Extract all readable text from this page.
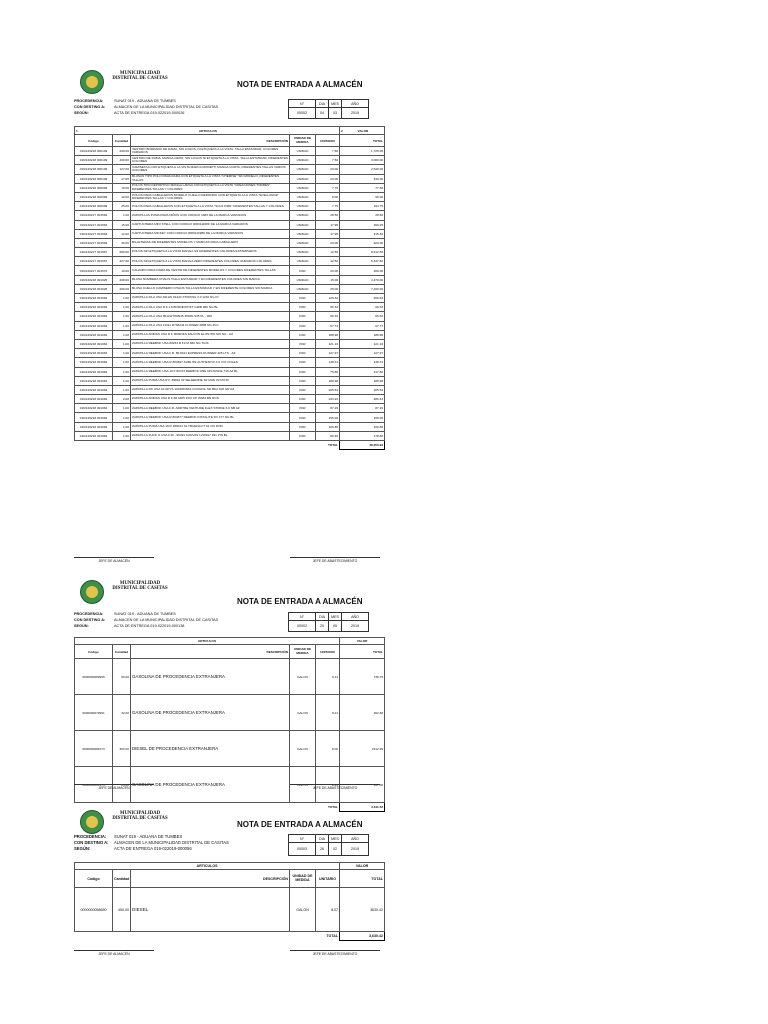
MUNICIPALIDAD DISTRITAL DE CASITAS
NOTA DE ENTRADA A ALMACÉN
PROCEDENCIA:	SUNAT 019 - ADUANA DE TUMBES
CON DESTINO A: ALMACEN DE LA MUNICIPALIDAD DISTRITAL DE CASITAS
SEGÚN:	ACTA DE ENTREGA 019-022019-000026
N°	DIA	MES	AÑO
00002	04	03	2019
1 ARTICULOS					2 VALOR
Código	Cantidad	DESCRIPCIÓN	UNIDAD DE MEDIDA	UNITARIO	TOTAL
019/120218 000109	290.00	VESTIDO BORDADO DE DAMA, SIN LOGOS, NI ETIQUETA A LA VISTA, TALLA ESTANDAR, COLORES VARIADOS	UNIDAD	7.50	1,725.00
019/120218 000109	400.00	VESTIDO DE DAMA, MANGA CERO, SIN LOGOS NI ETIQUETA A LA VISTA, TALLA ESTANDAR, DIFERENTES COLORES	UNIDAD	7.50	3,000.00
019/120218 000109	127.00	CAMISETAS CON ETIQUETA A LA VISTA MARCA MORETTI MANGA CORTA, DIFERENTES TALLAS VARIOS COLORES	UNIDAD	20.00	2,540.00
019/120218 000109	17.00	BLUSAS TIPO POLO PARA DAMA CON ETIQUETA A LA VISTA "CHEMISE" SIN MODELO, DIFERENTES TALLAS	UNIDAD	20.00	340.00
019/120218 000099	10.00	POLOS TIPO DEPORTIVO MANGA LARGA CON ETIQUETA A LA VISTA "CREACIONES TORRES" DIFERENTES TALLAS Y COLORES	UNIDAD	7.75	77.50
019/120218 000099	12.00	POLOS PARA CABALLEROS MODELO CUELLO REDONDO CON ETIQUETA A LA VISTA "SCELLANCE" DIFERENTES TALLAS Y COLORES	UNIDAD	8.00	96.00
019/120218 000099	25.00	POLOS PARA CABALLEROS CON ETIQUETA A LA VISTA "SOUL FIRE" DIFERENTES TALLAS Y COLORES	UNIDAD	7.79	194.75
019/120217 001564	1.00	ZAPATILLAS PUMA PARA NIÑOS CON CODIGO 1665 DE LA MARCA VARIADOS	UNIDAD	28.50	28.50
019/120217 001564	15.00	CARTUCHERA MINI STELL CON CODIGO 000011168F DE LA MARCA VARIADOS	UNIDAD	17.95	269.25
019/120217 001564	12.00	CARTUCHERA MICKEY CON CODIGO 00001119B0 DE LA MARCA VARIADOS	UNIDAD	17.95	215.40
019/120217 001564	46.00	BILLETERAS DE DIFERENTES MODELOS Y MARCAS PARA CABALLERO	UNIDAD	20.00	920.00
019/120217 001567	689.00	POLOS SIN ETIQUETA A LA VISTA MANGA 3/4 DIFERENTES COLORES ESTAMPADOS	UNIDAD	12.50	8,612.50
019/120217 001567	427.00	POLOS SIN ETIQUETA A LA VISTA MANGA ZERO DIFERENTES COLORES VARIADOS COLORES	UNIDAD	12.50	5,337.50
019/120217 001570	10.00	CALZADO PARA DAMA DE VESTIR DE DIFERENTES MODELOS Y COLORES DIFERENTES TALLAS	PAR	20.00	200.00
019/120218 001625	298.00	BLUSA NUMBERA CHALIS TALLA ESTANDAR Y EN DIFERENTES COLORES SIN MARCA	UNIDAD	15.00	4,470.00
019/120218 001625	296.00	BLUSA CUELLO CAMISERO CHALIS TALLA ESTANDAR Y EN DIFERENTE COLORES SIN MARCA	UNIDAD	25.00	7,400.00
019/120218 001662	1.00	ZAPATILLA FILA USA 811LW 91244 XTRIXNG 3.0 1216 NG PI	PAR	125.32	250.64
019/120218 001662	1.00	ZAPATILLA FILA USA R.F.1.8 BORNKIPOFT GRIB 960 NG BL	PAR	66.32	66.32
019/120218 001662	1.00	ZAPATILLA FILA USA 851LW 890945 350RL 945 PL - 900	PAR	66.32	66.32
019/120218 001662	1.00	ZAPATILLA FILA USA 11311 D738244 FLOWER 2808 NG PLC	PAR	67.73	67.77
019/120218 001662	1.00	ZAPATILLA ADIDAS USA R.F. BRENKS FALCON ELITE 5W SW NG - AZ	PAR	188.98	188.98
019/120218 001662	1.00	ZAPATILLA REEBOK USA 80254 R F2 M 830 NG TGIS	PAR	121.10	121.10
019/120218 001662	1.00	ZAPATILLA REEBOK USA F.R. 86 8421 EXPRESS RUNNER 425 LTS - AZ	PAR	127.97	127.97
019/120218 001662	1.00	ZAPATILLA REEBOK USA R 804597 SUBLITE AUTHENTIC 4.0 V37 COLES	PAR	148.31	148.31
019/120218 001662	1.00	ZAPATILLA REEBOK USA 10 F 80473 REEBOK ONE DISTANCE 710 AZ BL	PAR	75.80	217.80
019/120218 001662	1.00	ZAPATILLA PUMA USA R.F. 89842 02 SELEEDINE SF MAD 02 ROJO	PAR	188.98	188.98
019/120218 001662	1.00	ZAPATILLA DC USA 10 ADYS 100188 BK2 COUNCIL SD BK2 108 GR AZ	PAR	205.54	205.54
019/120218 001662	2.00	ZAPATILLA ADIDAS USA R F 86 1665 ZXO CP W681 BN ROS	PAR	243.22	486.44
019/120218 001662	1.00	ZAPATILLA REEBOK USA F.R. ARDTRE VENTURE FLEX STRIDE 6.0 NB AZ	PAR	87.29	87.29
019/120218 001662	1.00	ZAPATILLA REEBOK USA R 804877 REEBOK INSTALITE RV 477 NG BL	PAR	155.06	155.06
019/120218 001662	1.00	ZAPATILLA PUMA USA 18 R 188424 01 TRUENA FT 01 NG DOR	PAR	109.86	109.86
019/120218 001662	1.00	ZAPATILLA ZUCK O USA F.RI - 96491 CANVAS LVW917 491 279 BL	PAR	89.40	178.80
				TOTAL	48,050.93
JEFE DE ALMACÉN	JEFE DE ABASTECIMIENTO
MUNICIPALIDAD DISTRITAL DE CASITAS
NOTA DE ENTRADA A ALMACÉN
PROCEDENCIA:	SUNAT 019 - ADUANA DE TUMBES
CON DESTINO A: ALMACEN DE LA MUNICIPALIDAD DISTRITAL DE CASITAS
SEGÚN:	ACTA DE ENTREGA 019-022019-000138
N°	DIA	MES	AÑO
00002	20	05	2019
ARTICULOS					VALOR
Código	Cantidad	DESCRIPCIÓN	UNIDAD DE MEDIDA	UNITARIO	TOTAL
0000000089995	90.00	GASOLINA DE PROCEDENCIA EXTRANJERA	GALON	8.21	738.79
0000000079991	32.00	GASOLINA DE PROCEDENCIA EXTRANJERA	GALON	8.21	262.68
0000000081573	300.00	DIESEL DE PROCEDENCIA EXTRANJERA	GALON	8.06	2412.99
0000000081575	24.00	GASOLINA DE PROCEDENCIA EXTRANJERA	GALON	8.21	197.06
				TOTAL	3,611.52
JEFE DE ALMACÉN	JEFE DE ABASTECIMIENTO
MUNICIPALIDAD DISTRITAL DE CASITAS
NOTA DE ENTRADA A ALMACÉN
PROCEDENCIA: SUNAT 019 - ADUANA DE TUMBES
CON DESTINO A: ALMACEN DE LA MUNICIPALIDAD DISTRITAL DE CASITAS
SEGÚN:	ACTA DE ENTREGA 019-022019-000056
N°	DIA	MES	AÑO
00003	26	02	2019
ARTICULOS					VALOR
Código	Cantidad	DESCRIPCIÓN	UNIDAD DE MEDIDA	UNITARIO	TOTAL
0000000058650	450.00	DIESEL	GALON	8.07	3630.42
				TOTAL	3,630.42
JEFE DE ALMACÉN	JEFE DE ABASTECIMIENTO
